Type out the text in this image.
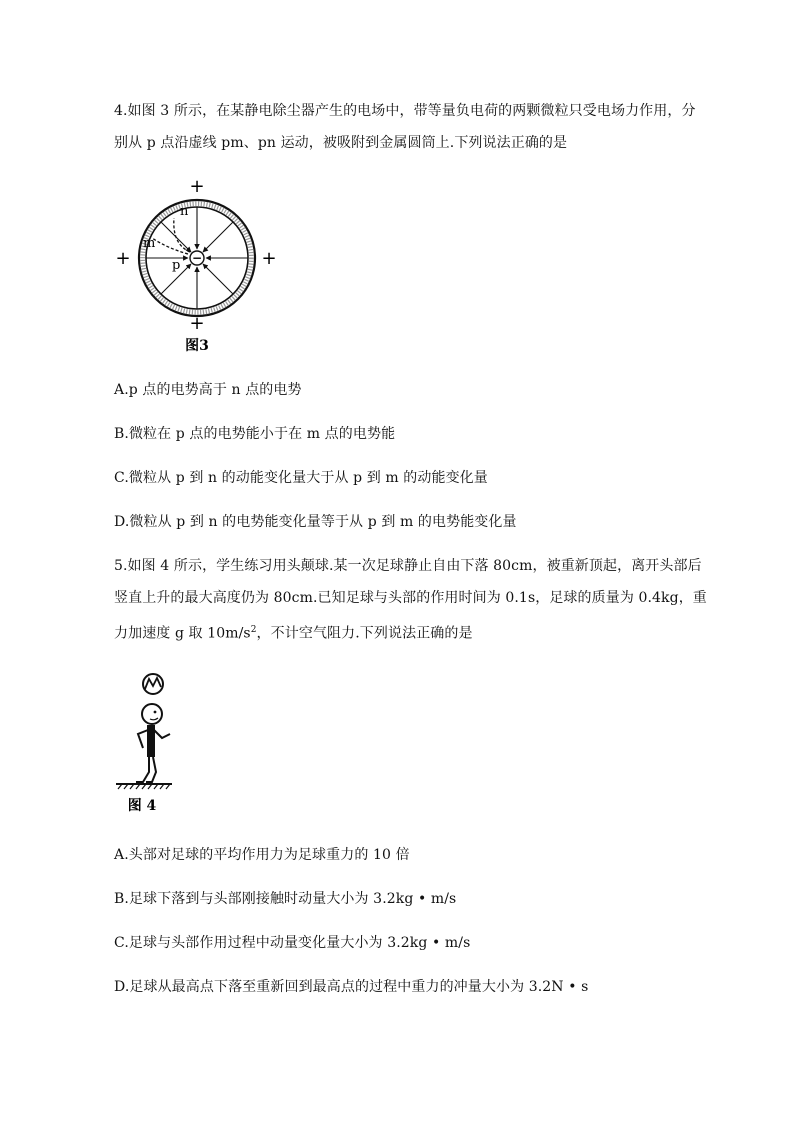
4.如图 3 所示，在某静电除尘器产生的电场中，带等量负电荷的两颗微粒只受电场力作用，分
别从 p 点沿虚线 pm、pn 运动，被吸附到金属圆筒上.下列说法正确的是
−
n
m
p
+
+	+
+
图3
A.p 点的电势高于 n 点的电势
B.微粒在 p 点的电势能小于在 m 点的电势能
C.微粒从 p 到 n 的动能变化量大于从 p 到 m 的动能变化量
D.微粒从 p 到 n 的电势能变化量等于从 p 到 m 的电势能变化量
5.如图 4 所示，学生练习用头颠球.某一次足球静止自由下落 80cm，被重新顶起，离开头部后
竖直上升的最大高度仍为 80cm.已知足球与头部的作用时间为 0.1s，足球的质量为 0.4kg，重
力加速度 g 取 $10m/s^2$，不计空气阻力.下列说法正确的是
图 4
A.头部对足球的平均作用力为足球重力的 10 倍
B.足球下落到与头部刚接触时动量大小为 3.2kg • m/s
C.足球与头部作用过程中动量变化量大小为 3.2kg • m/s
D.足球从最高点下落至重新回到最高点的过程中重力的冲量大小为 3.2N • s
